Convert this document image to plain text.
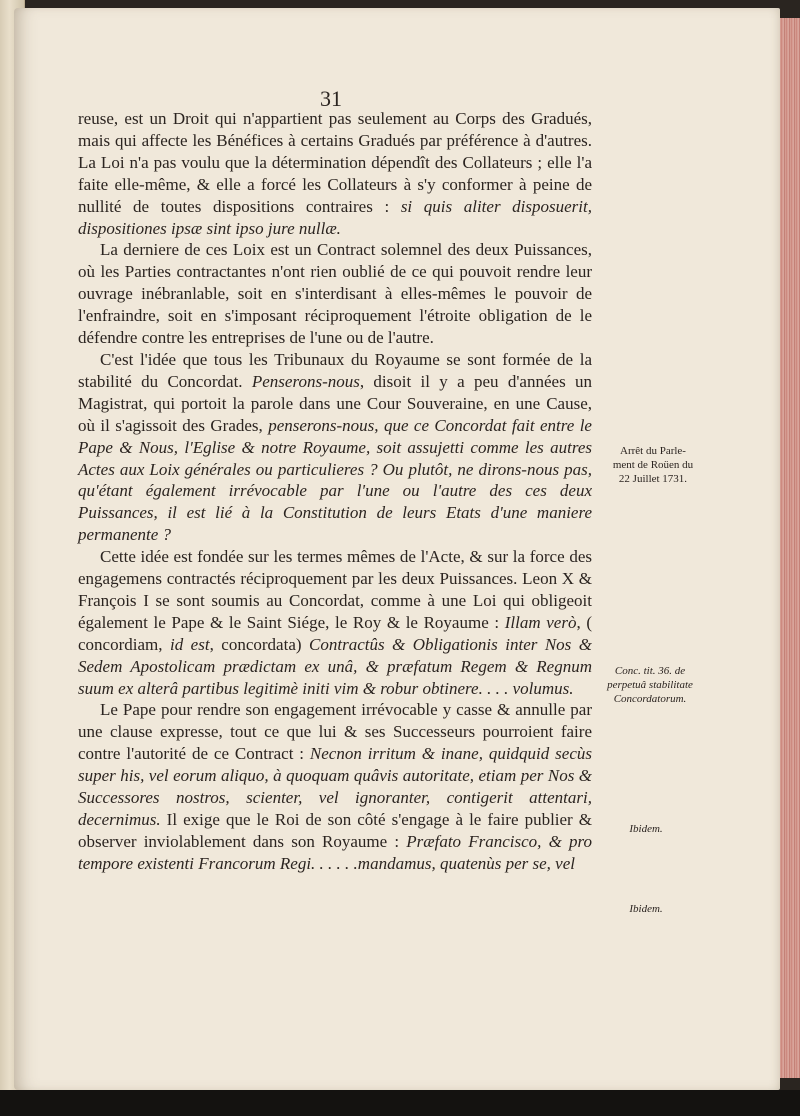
31

reuse, est un Droit qui n'appartient pas seulement au Corps des Gradués, mais qui affecte les Bénéfices à certains Gradués par préférence à d'autres. La Loi n'a pas voulu que la détermination dépendît des Collateurs ; elle l'a faite elle-même, & elle a forcé les Collateurs à s'y conformer à peine de nullité de toutes dispositions contraires : si quis aliter disposuerit, dispositiones ipsæ sint ipso jure nullæ.

La derniere de ces Loix est un Contract solemnel des deux Puissances, où les Parties contractantes n'ont rien oublié de ce qui pouvoit rendre leur ouvrage inébranlable, soit en s'interdisant à elles-mêmes le pouvoir de l'enfraindre, soit en s'imposant réciproquement l'étroite obligation de le défendre contre les entreprises de l'une ou de l'autre.

C'est l'idée que tous les Tribunaux du Royaume se sont formée de la stabilité du Concordat. Penserons-nous, disoit il y a peu d'années un Magistrat, qui portoit la parole dans une Cour Souveraine, en une Cause, où il s'agissoit des Grades, penserons-nous, que ce Concordat fait entre le Pape & Nous, l'Eglise & notre Royaume, soit assujetti comme les autres Actes aux Loix générales ou particulieres ? Ou plutôt, ne dirons-nous pas, qu'étant également irrévocable par l'une ou l'autre des ces deux Puissances, il est lié à la Constitution de leurs Etats d'une maniere permanente ?

Cette idée est fondée sur les termes mêmes de l'Acte, & sur la force des engagemens contractés réciproquement par les deux Puissances. Leon X & François I se sont soumis au Concordat, comme à une Loi qui obligeoit également le Pape & le Saint Siége, le Roy & le Royaume : Illam verò, ( concordiam, id est, concordata) Contractûs & Obligationis inter Nos & Sedem Apostolicam prædictam ex unâ, & præfatum Regem & Regnum suum ex alterâ partibus legitimè initi vim & robur obtinere. . . . volumus.

Le Pape pour rendre son engagement irrévocable y casse & annulle par une clause expresse, tout ce que lui & ses Successeurs pourroient faire contre l'autorité de ce Contract : Necnon irritum & inane, quidquid secùs super his, vel eorum aliquo, à quoquam quâvis autoritate, etiam per Nos & Successores nostros, scienter, vel ignoranter, contigerit attentari, decernimus. Il exige que le Roi de son côté s'engage à le faire publier & observer inviolablement dans son Royaume : Præfato Francisco, & pro tempore existenti Francorum Regi. . . . . .mandamus, quatenùs per se, vel

Arrêt du Parle-
ment de Roüen du
22 Juillet 1731.
Conc. tit. 36. de
perpetuâ stabilitate
Concordatorum.
Ibidem.
Ibidem.
